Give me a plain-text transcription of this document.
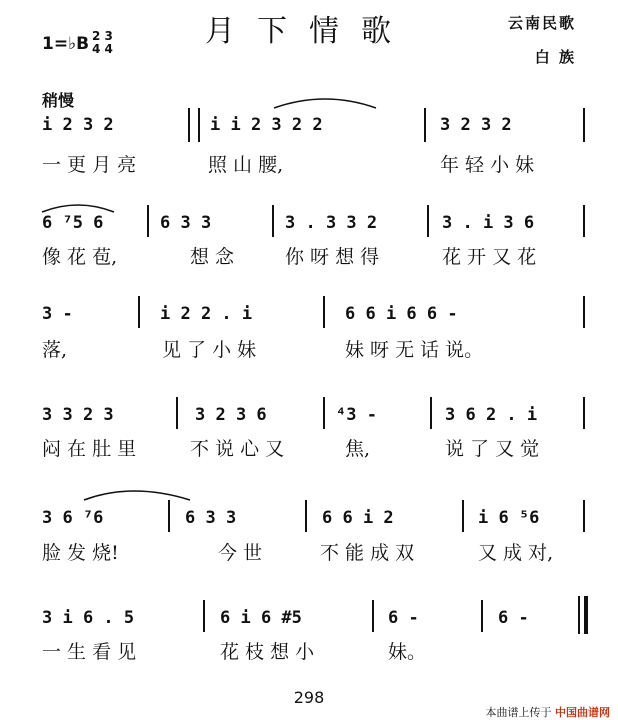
月下情歌	云南民歌
白 族
1=♭B 2 3
4 4
稍慢
i 2 3 2	i i 2 3 2 2	3 2 3 2
一 更 月 亮	照 山 腰,	年 轻 小 妹
6 ⁷5 6	6 3 3	3 . 3 3 2	3 . i 3 6
像 花 苞,	想 念	你 呀 想 得	花 开 又 花
3 -	i 2 2 . i	6 6 i 6 6 -
落,	见 了 小 妹	妹 呀 无 话 说。
3 3 2 3	3 2 3 6	⁴3 -	3 6 2 . i
闷 在 肚 里	不 说 心 又	焦,	说 了 又 觉
3 6 ⁷6	6 3 3	6 6 i 2	i 6 ⁵6
脸 发 烧!	今 世	不 能 成 双	又 成 对,
3 i 6 . 5	6 i 6 #5	6 -	6 -
一 生 看 见	花 枝 想 小	妹。
298
本曲谱上传于 中国曲谱网
